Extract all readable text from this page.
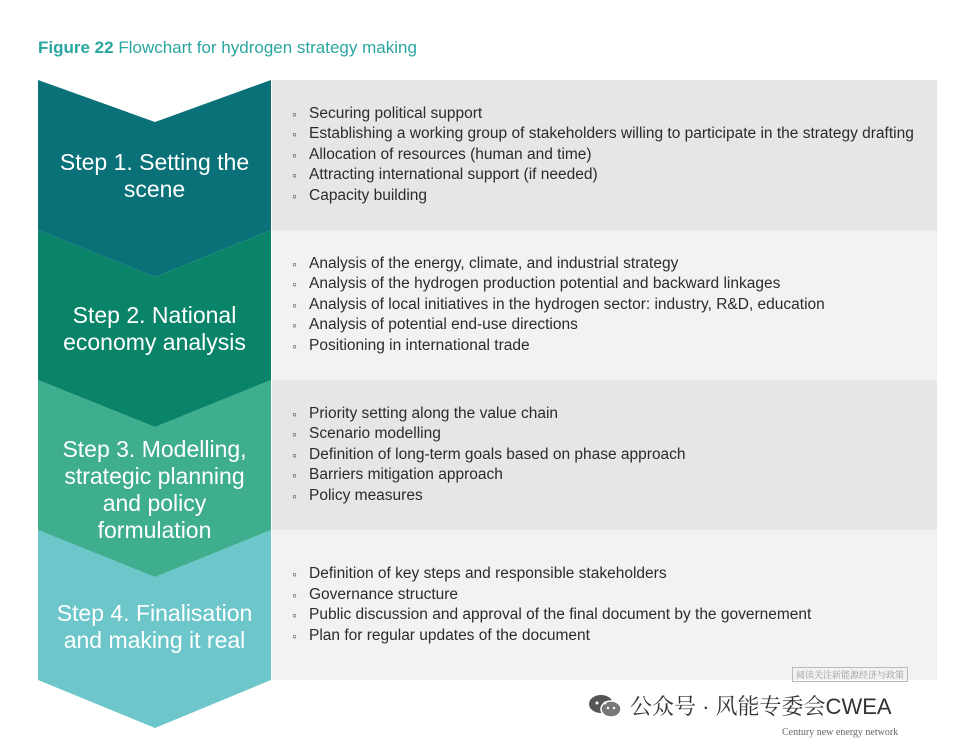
Figure 22 Flowchart for hydrogen strategy making
Step 1. Setting the scene
Step 2. National economy analysis
Step 3. Modelling, strategic planning and policy formulation
Step 4. Finalisation and making it real
◦ Securing political support
◦ Establishing a working group of stakeholders willing to participate in the strategy drafting
◦ Allocation of resources (human and time)
◦ Attracting international support (if needed)
◦ Capacity building
◦ Analysis of the energy, climate, and industrial strategy
◦ Analysis of the hydrogen production potential and backward linkages
◦ Analysis of local initiatives in the hydrogen sector: industry, R&D, education
◦ Analysis of potential end-use directions
◦ Positioning in international trade
◦ Priority setting along the value chain
◦ Scenario modelling
◦ Definition of long-term goals based on phase approach
◦ Barriers mitigation approach
◦ Policy measures
◦ Definition of key steps and responsible stakeholders
◦ Governance structure
◦ Public discussion and approval of the final document by the governement
◦ Plan for regular updates of the document
阅读关注新能源经济与政策
公众号 · 风能专委会CWEA
Century new energy network
